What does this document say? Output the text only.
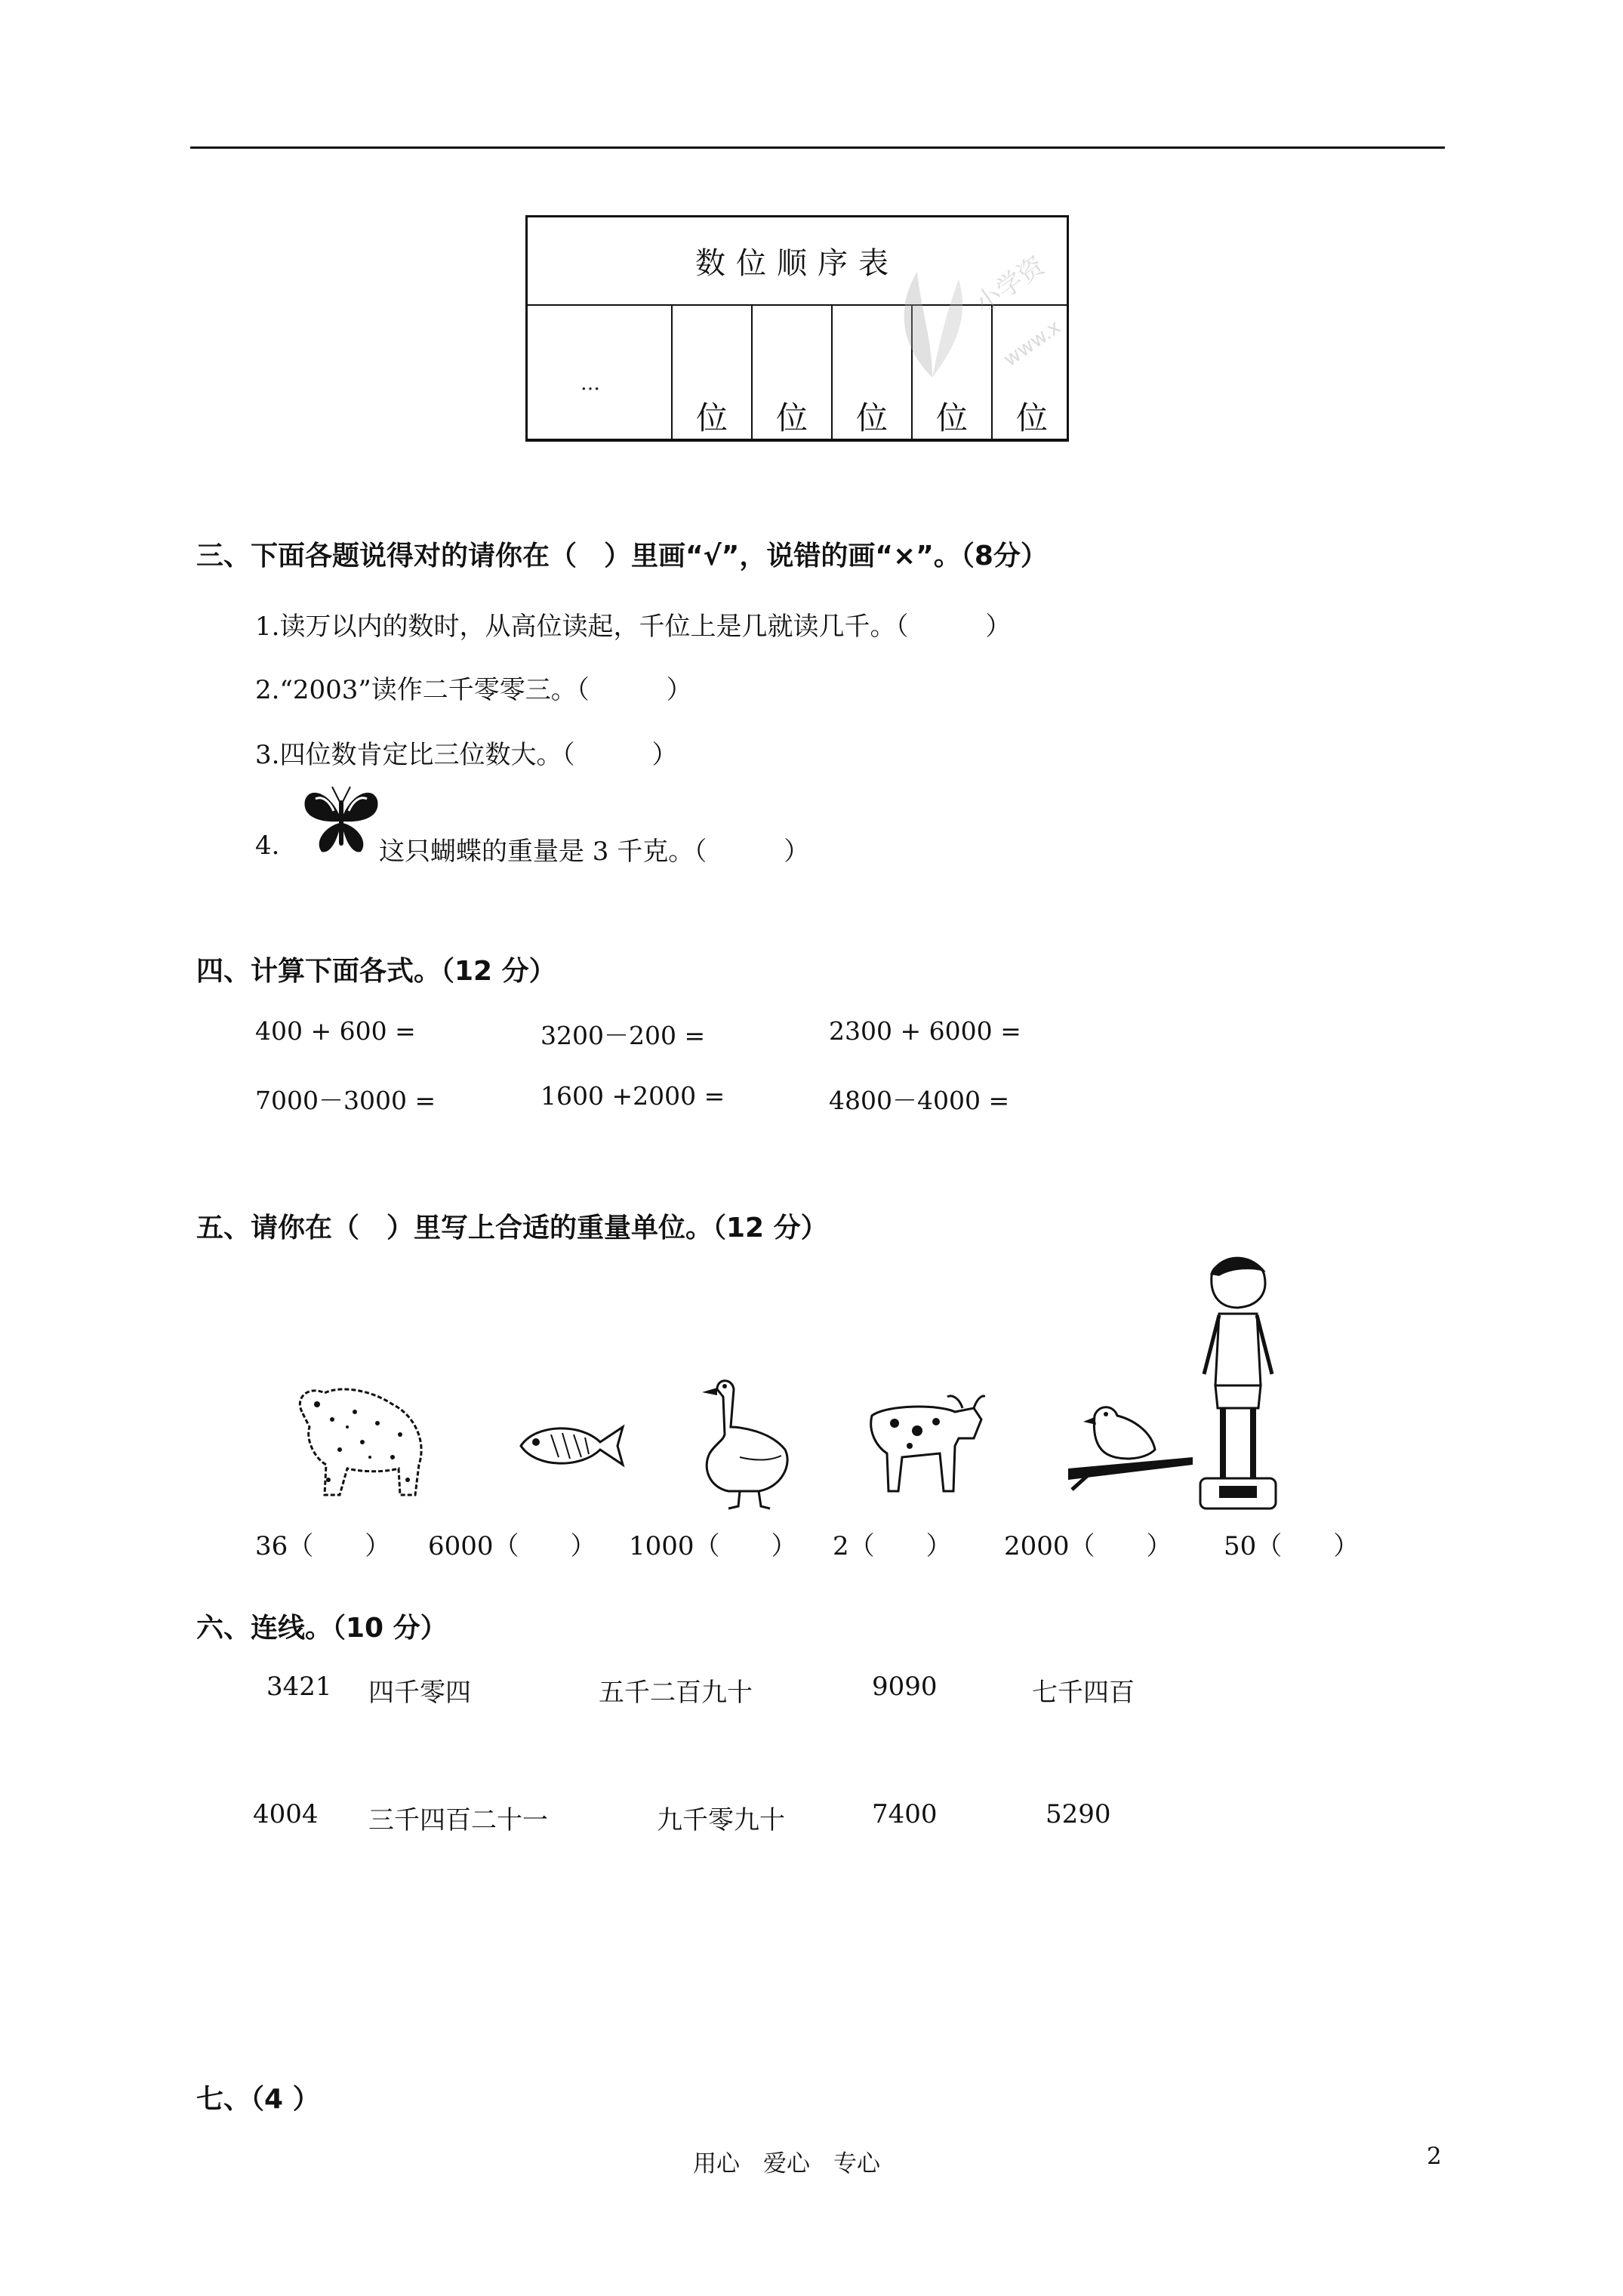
数位顺序表
…
位	位	位	位	位
小学资
www.x
三、下面各题说得对的请你在（　）里画“√”，说错的画“×”。（8分）
1.读万以内的数时，从高位读起，千位上是几就读几千。（　　　）
2.“2003”读作二千零零三。（　　　）
3.四位数肯定比三位数大。（　　　）
4.	这只蝴蝶的重量是 3 千克。（　　　）
四、计算下面各式。（12 分）
400 + 600 =	3200－200 =	2300 + 6000 =
7000－3000 =	1600 +2000 =	4800－4000 =
五、请你在（　）里写上合适的重量单位。（12 分）
36（　　） 6000（　　） 1000（　　） 2（　　） 2000（　　） 50（　　）
六、连线。（10 分）
3421 四千零四	五千二百九十	9090	七千四百
4004 三千四百二十一	九千零九十	7400	5290
七、（4 ）
用心　爱心　专心	2
